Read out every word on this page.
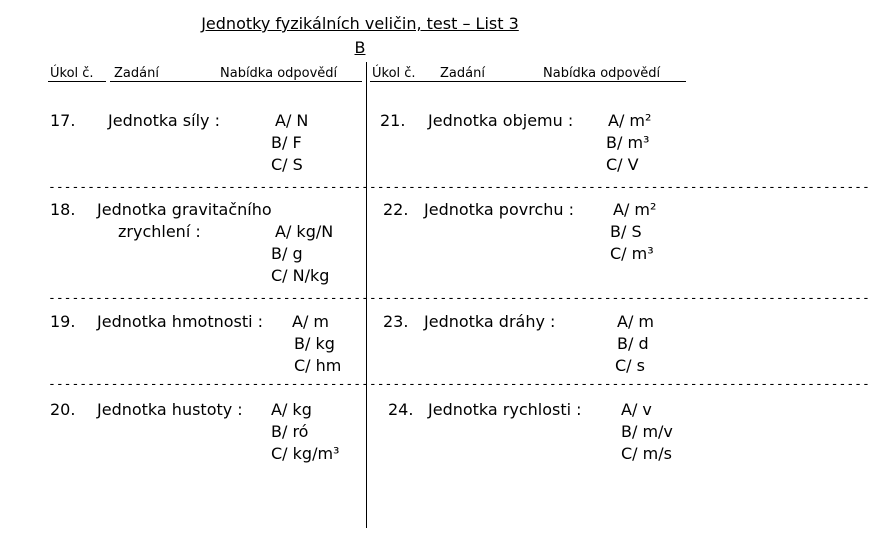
Jednotky fyzikálních veličin, test – List 3
B
Úkol č. Zadání	Nabídka odpovědí	Úkol č. Zadání	Nabídka odpovědí
---------------------------------------------------------------------------------------------------------
---------------------------------------------------------------------------------------------------------
---------------------------------------------------------------------------------------------------------
17. Jednotka síly :	A/ N
B/ F
C/ S
18. Jednotka gravitačního
zrychlení :	A/ kg/N
B/ g
C/ N/kg
19. Jednotka hmotnosti : A/ m
B/ kg
C/ hm
20. Jednotka hustoty : A/ kg
B/ ró
C/ kg/m³
21. Jednotka objemu : A/ m²
B/ m³
C/ V
22. Jednotka povrchu : A/ m²
B/ S
C/ m³
23. Jednotka dráhy :	A/ m
B/ d
C/ s
24. Jednotka rychlosti : A/ v
B/ m/v
C/ m/s
